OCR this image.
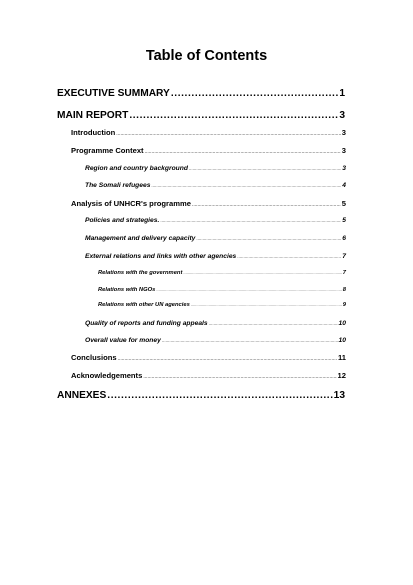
Table of Contents
EXECUTIVE SUMMARY .....	1
MAIN REPORT .....	3
Introduction .....	3
Programme Context .....	3
Region and country background .....	3
The Somali refugees .....	4
Analysis of UNHCR's programme .....	5
Policies and strategies. .....	5
Management and delivery capacity .....	6
External relations and links with other agencies .....	7
Relations with the government .....	7
Relations with NGOs .....	8
Relations with other UN agencies .....	9
Quality of reports and funding appeals .....	10
Overall value for money .....	10
Conclusions .....	11
Acknowledgements .....	12
ANNEXES .....	13
